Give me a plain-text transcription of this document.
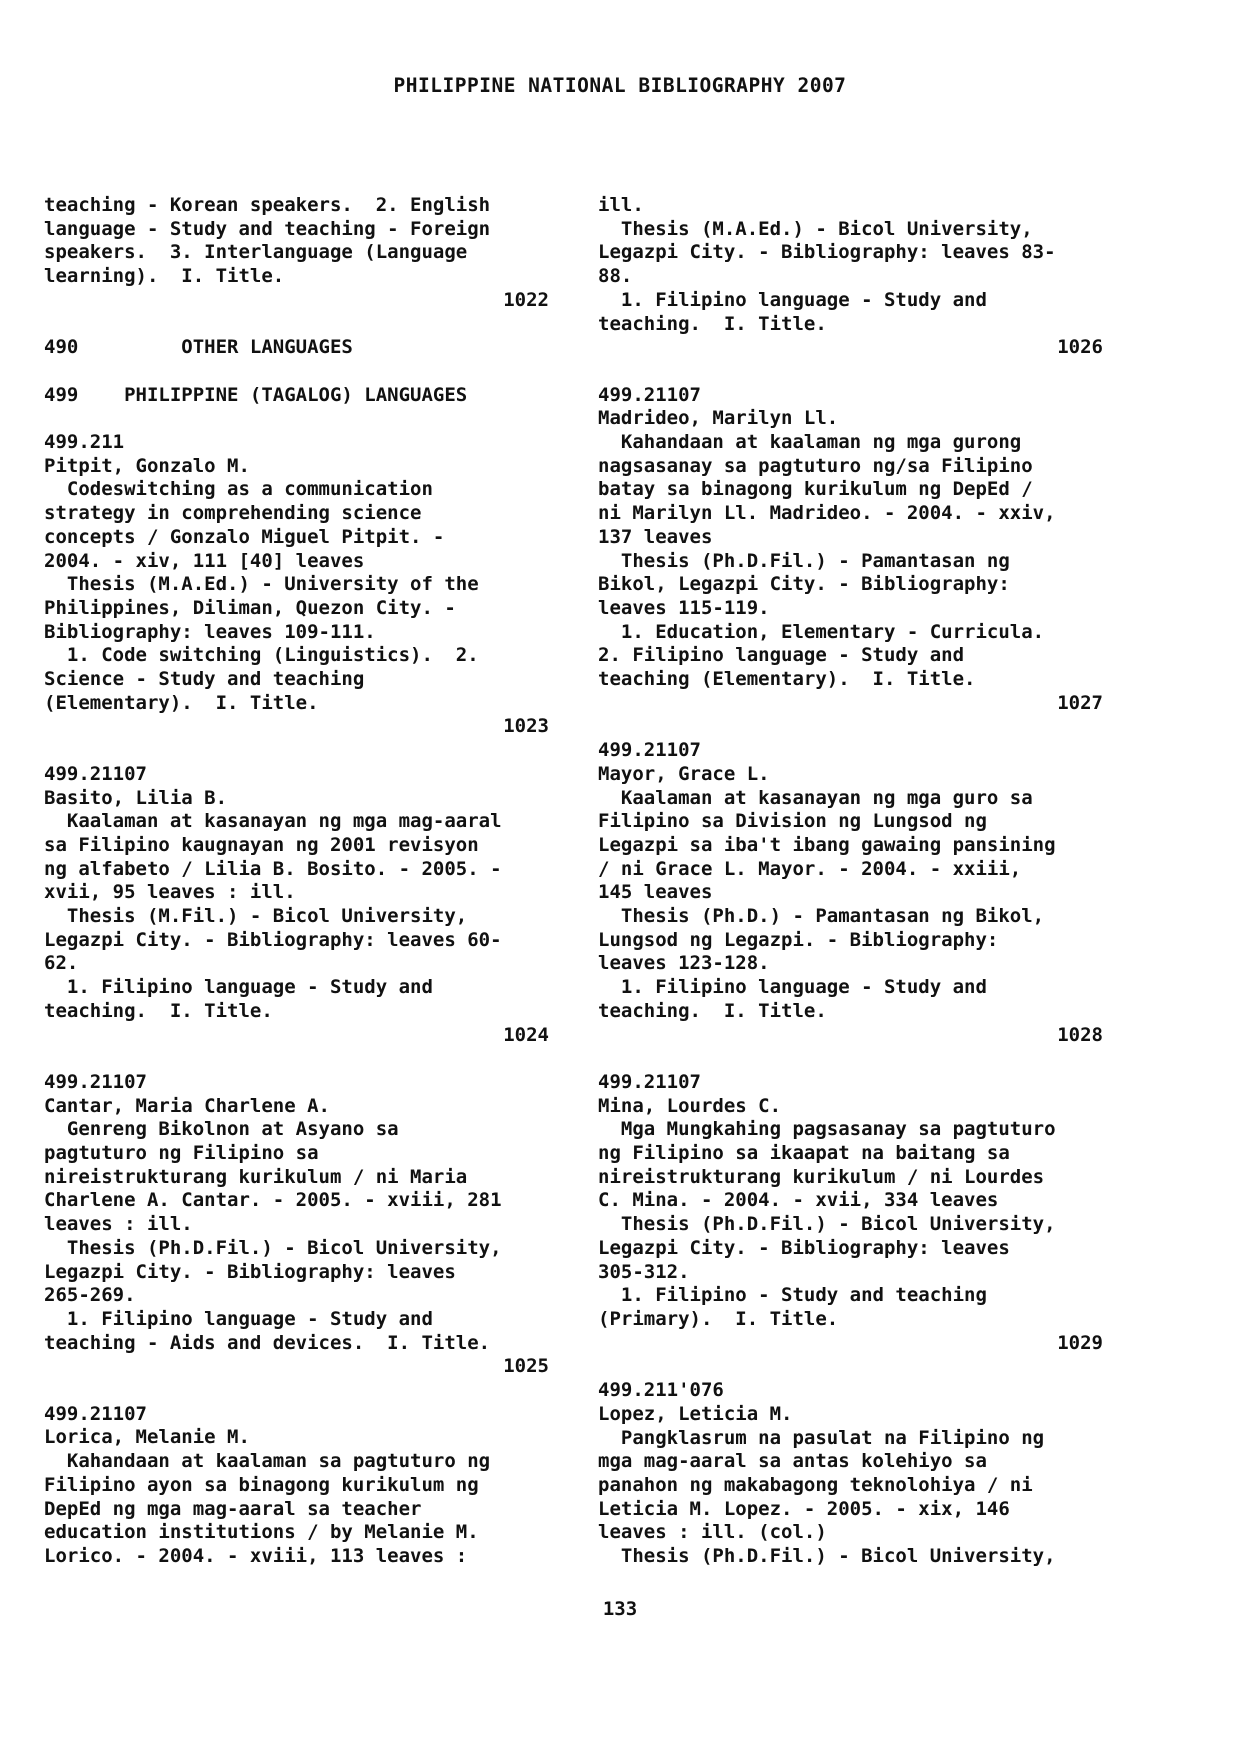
PHILIPPINE NATIONAL BIBLIOGRAPHY 2007
teaching - Korean speakers.  2. English
language - Study and teaching - Foreign
speakers.  3. Interlanguage (Language
learning).  I. Title.
1022
490         OTHER LANGUAGES
499    PHILIPPINE (TAGALOG) LANGUAGES
499.211
Pitpit, Gonzalo M.
Codeswitching as a communication
strategy in comprehending science
concepts / Gonzalo Miguel Pitpit. -
2004. - xiv, 111 [40] leaves
Thesis (M.A.Ed.) - University of the
Philippines, Diliman, Quezon City. -
Bibliography: leaves 109-111.
1. Code switching (Linguistics).  2.
Science - Study and teaching
(Elementary).  I. Title.
1023
499.21107
Basito, Lilia B.
Kaalaman at kasanayan ng mga mag-aaral
sa Filipino kaugnayan ng 2001 revisyon
ng alfabeto / Lilia B. Bosito. - 2005. -
xvii, 95 leaves : ill.
Thesis (M.Fil.) - Bicol University,
Legazpi City. - Bibliography: leaves 60-
62.
1. Filipino language - Study and
teaching.  I. Title.
1024
499.21107
Cantar, Maria Charlene A.
Genreng Bikolnon at Asyano sa
pagtuturo ng Filipino sa
nireistrukturang kurikulum / ni Maria
Charlene A. Cantar. - 2005. - xviii, 281
leaves : ill.
Thesis (Ph.D.Fil.) - Bicol University,
Legazpi City. - Bibliography: leaves
265-269.
1. Filipino language - Study and
teaching - Aids and devices.  I. Title.
1025
499.21107
Lorica, Melanie M.
Kahandaan at kaalaman sa pagtuturo ng
Filipino ayon sa binagong kurikulum ng
DepEd ng mga mag-aaral sa teacher
education institutions / by Melanie M.
Lorico. - 2004. - xviii, 113 leaves :
ill.
Thesis (M.A.Ed.) - Bicol University,
Legazpi City. - Bibliography: leaves 83-
88.
1. Filipino language - Study and
teaching.  I. Title.
1026
499.21107
Madrideo, Marilyn Ll.
Kahandaan at kaalaman ng mga gurong
nagsasanay sa pagtuturo ng/sa Filipino
batay sa binagong kurikulum ng DepEd /
ni Marilyn Ll. Madrideo. - 2004. - xxiv,
137 leaves
Thesis (Ph.D.Fil.) - Pamantasan ng
Bikol, Legazpi City. - Bibliography:
leaves 115-119.
1. Education, Elementary - Curricula.
2. Filipino language - Study and
teaching (Elementary).  I. Title.
1027
499.21107
Mayor, Grace L.
Kaalaman at kasanayan ng mga guro sa
Filipino sa Division ng Lungsod ng
Legazpi sa iba't ibang gawaing pansining
/ ni Grace L. Mayor. - 2004. - xxiii,
145 leaves
Thesis (Ph.D.) - Pamantasan ng Bikol,
Lungsod ng Legazpi. - Bibliography:
leaves 123-128.
1. Filipino language - Study and
teaching.  I. Title.
1028
499.21107
Mina, Lourdes C.
Mga Mungkahing pagsasanay sa pagtuturo
ng Filipino sa ikaapat na baitang sa
nireistrukturang kurikulum / ni Lourdes
C. Mina. - 2004. - xvii, 334 leaves
Thesis (Ph.D.Fil.) - Bicol University,
Legazpi City. - Bibliography: leaves
305-312.
1. Filipino - Study and teaching
(Primary).  I. Title.
1029
499.211'076
Lopez, Leticia M.
Pangklasrum na pasulat na Filipino ng
mga mag-aaral sa antas kolehiyo sa
panahon ng makabagong teknolohiya / ni
Leticia M. Lopez. - 2005. - xix, 146
leaves : ill. (col.)
Thesis (Ph.D.Fil.) - Bicol University,
133
